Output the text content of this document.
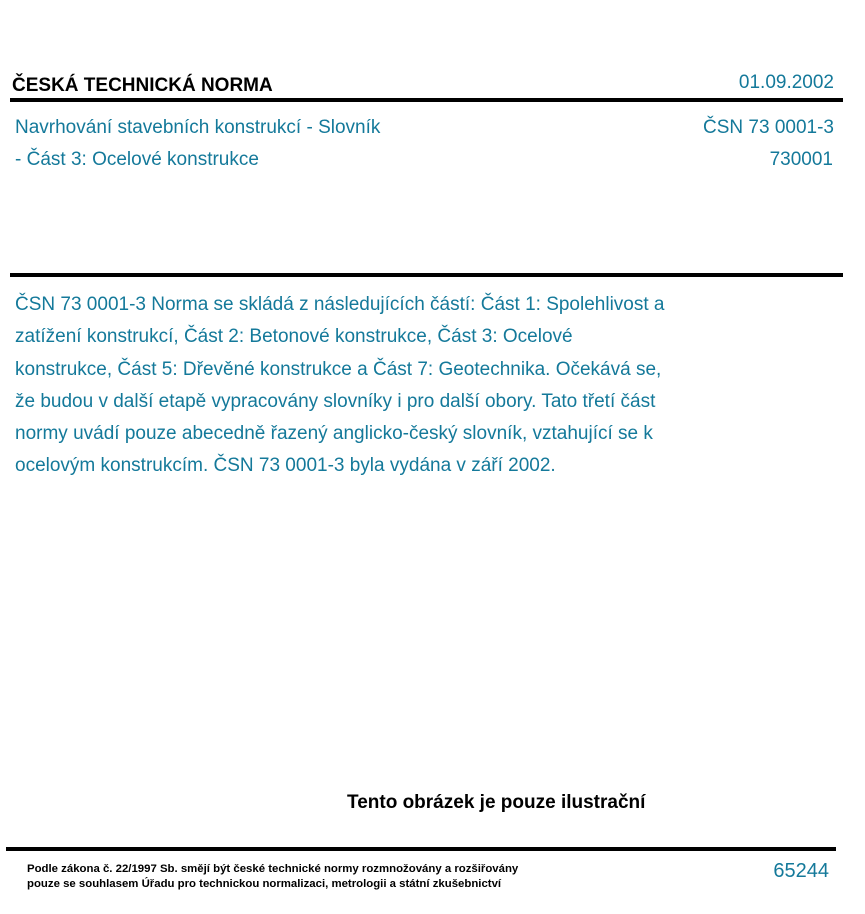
ČESKÁ TECHNICKÁ NORMA	01.09.2002
Navrhování stavebních konstrukcí - Slovník
- Část 3: Ocelové konstrukce
ČSN 73 0001-3
730001
ČSN 73 0001-3 Norma se skládá z následujících částí: Část 1: Spolehlivost a zatížení konstrukcí, Část 2: Betonové konstrukce, Část 3: Ocelové konstrukce, Část 5: Dřevěné konstrukce a Část 7: Geotechnika. Očekává se, že budou v další etapě vypracovány slovníky i pro další obory. Tato třetí část normy uvádí pouze abecedně řazený anglicko-český slovník, vztahující se k ocelovým konstrukcím. ČSN 73 0001-3 byla vydána v září 2002.
Tento obrázek je pouze ilustrační
Podle zákona č. 22/1997 Sb. smějí být české technické normy rozmnožovány a rozšiřovány
pouze se souhlasem Úřadu pro technickou normalizaci, metrologii a státní zkušebnictví
65244
